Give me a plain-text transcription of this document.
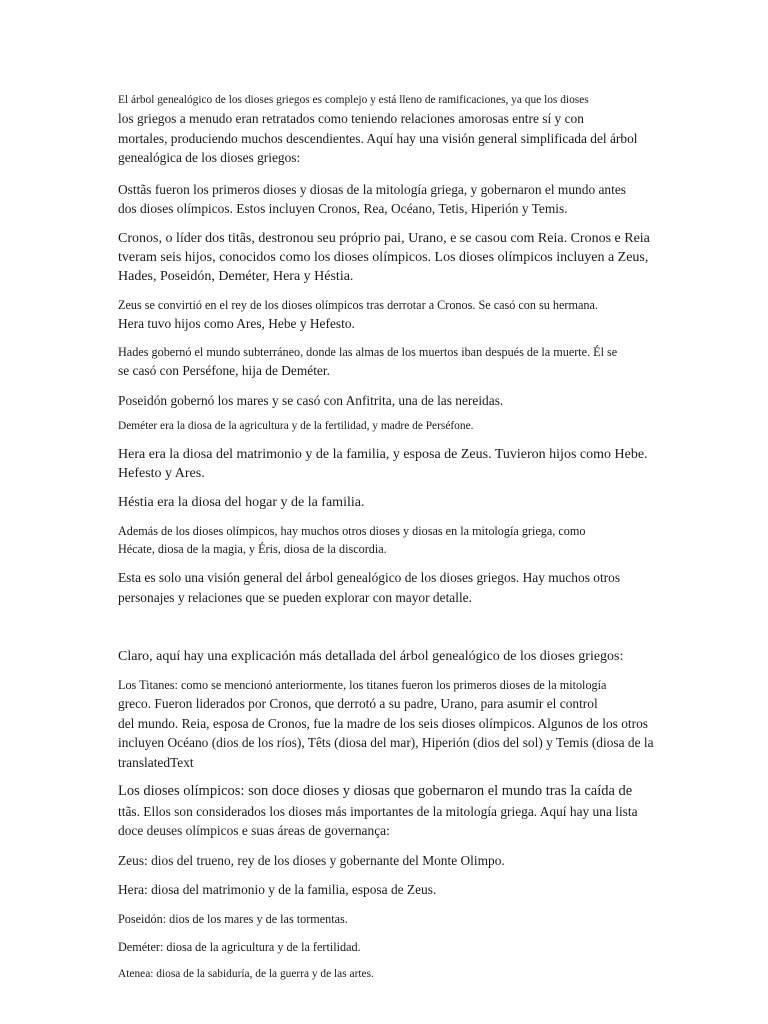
El árbol genealógico de los dioses griegos es complejo y está lleno de ramificaciones, ya que los dioses
los griegos a menudo eran retratados como teniendo relaciones amorosas entre sí y con
mortales, produciendo muchos descendientes. Aquí hay una visión general simplificada del árbol
genealógica de los dioses griegos:

Osttãs fueron los primeros dioses y diosas de la mitología griega, y gobernaron el mundo antes
dos dioses olímpicos. Estos incluyen Cronos, Rea, Océano, Tetis, Hiperión y Temis.

Cronos, o líder dos titãs, destronou seu próprio pai, Urano, e se casou com Reia. Cronos e Reia
tveram seis hijos, conocidos como los dioses olímpicos. Los dioses olímpicos incluyen a Zeus,
Hades, Poseidón, Deméter, Hera y Héstia.

Zeus se convirtió en el rey de los dioses olímpicos tras derrotar a Cronos. Se casó con su hermana.
Hera tuvo hijos como Ares, Hebe y Hefesto.

Hades gobernó el mundo subterráneo, donde las almas de los muertos iban después de la muerte. Él se
se casó con Perséfone, hija de Deméter.

Poseidón gobernó los mares y se casó con Anfitrita, una de las nereidas.

Deméter era la diosa de la agricultura y de la fertilidad, y madre de Perséfone.

Hera era la diosa del matrimonio y de la familia, y esposa de Zeus. Tuvieron hijos como Hebe.
Hefesto y Ares.

Héstia era la diosa del hogar y de la familia.

Además de los dioses olímpicos, hay muchos otros dioses y diosas en la mitología griega, como
Hécate, diosa de la magia, y Éris, diosa de la discordia.

Esta es solo una visión general del árbol genealógico de los dioses griegos. Hay muchos otros
personajes y relaciones que se pueden explorar con mayor detalle.

Claro, aquí hay una explicación más detallada del árbol genealógico de los dioses griegos:

Los Titanes: como se mencionó anteriormente, los titanes fueron los primeros dioses de la mitología
greco. Fueron liderados por Cronos, que derrotó a su padre, Urano, para asumir el control
del mundo. Reia, esposa de Cronos, fue la madre de los seis dioses olímpicos. Algunos de los otros
incluyen Océano (dios de los ríos), Têts (diosa del mar), Hiperión (dios del sol) y Temis (diosa de la
translatedText

Los dioses olímpicos: son doce dioses y diosas que gobernaron el mundo tras la caída de
ttãs. Ellos son considerados los dioses más importantes de la mitología griega. Aquí hay una lista
doce deuses olímpicos e suas áreas de governança:

Zeus: dios del trueno, rey de los dioses y gobernante del Monte Olimpo.

Hera: diosa del matrimonio y de la familia, esposa de Zeus.

Poseidón: dios de los mares y de las tormentas.

Deméter: diosa de la agricultura y de la fertilidad.

Atenea: diosa de la sabiduría, de la guerra y de las artes.
